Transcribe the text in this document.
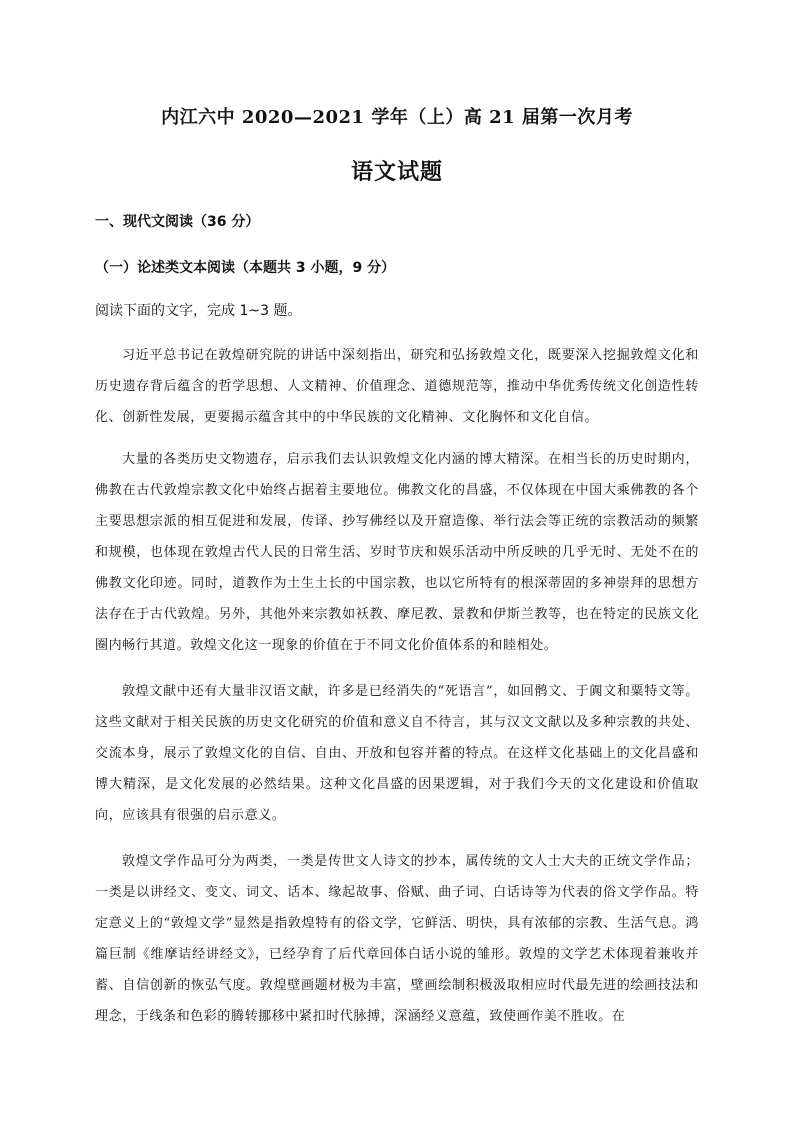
内江六中 2020—2021 学年（上）高 21 届第一次月考
语文试题
一、现代文阅读（36 分）
（一）论述类文本阅读（本题共 3 小题，9 分）
阅读下面的文字，完成 1~3 题。

习近平总书记在敦煌研究院的讲话中深刻指出，研究和弘扬敦煌文化，既要深入挖掘敦煌文化和历史遗存背后蕴含的哲学思想、人文精神、价值理念、道德规范等，推动中华优秀传统文化创造性转化、创新性发展，更要揭示蕴含其中的中华民族的文化精神、文化胸怀和文化自信。

大量的各类历史文物遗存，启示我们去认识敦煌文化内涵的博大精深。在相当长的历史时期内，佛教在古代敦煌宗教文化中始终占据着主要地位。佛教文化的昌盛，不仅体现在中国大乘佛教的各个主要思想宗派的相互促进和发展，传译、抄写佛经以及开窟造像、举行法会等正统的宗教活动的频繁和规模，也体现在敦煌古代人民的日常生活、岁时节庆和娱乐活动中所反映的几乎无时、无处不在的佛教文化印迹。同时，道教作为土生土长的中国宗教，也以它所特有的根深蒂固的多神崇拜的思想方法存在于古代敦煌。另外，其他外来宗教如袄教、摩尼教、景教和伊斯兰教等，也在特定的民族文化圈内畅行其道。敦煌文化这一现象的价值在于不同文化价值体系的和睦相处。

敦煌文献中还有大量非汉语文献，许多是已经消失的“死语言”，如回鹘文、于阗文和粟特文等。这些文献对于相关民族的历史文化研究的价值和意义自不待言，其与汉文文献以及多种宗教的共处、交流本身，展示了敦煌文化的自信、自由、开放和包容并蓄的特点。在这样文化基础上的文化昌盛和博大精深，是文化发展的必然结果。这种文化昌盛的因果逻辑，对于我们今天的文化建设和价值取向，应该具有很强的启示意义。

敦煌文学作品可分为两类，一类是传世文人诗文的抄本，属传统的文人士大夫的正统文学作品；一类是以讲经文、变文、词文、话本、缘起故事、俗赋、曲子词、白话诗等为代表的俗文学作品。特定意义上的“敦煌文学”显然是指敦煌特有的俗文学，它鲜活、明快，具有浓郁的宗教、生活气息。鸿篇巨制《维摩诘经讲经文》，已经孕育了后代章回体白话小说的雏形。敦煌的文学艺术体现着兼收并蓄、自信创新的恢弘气度。敦煌壁画题材极为丰富，壁画绘制积极汲取相应时代最先进的绘画技法和理念，于线条和色彩的腾转挪移中紧扣时代脉搏，深涵经义意蕴，致使画作美不胜收。在
